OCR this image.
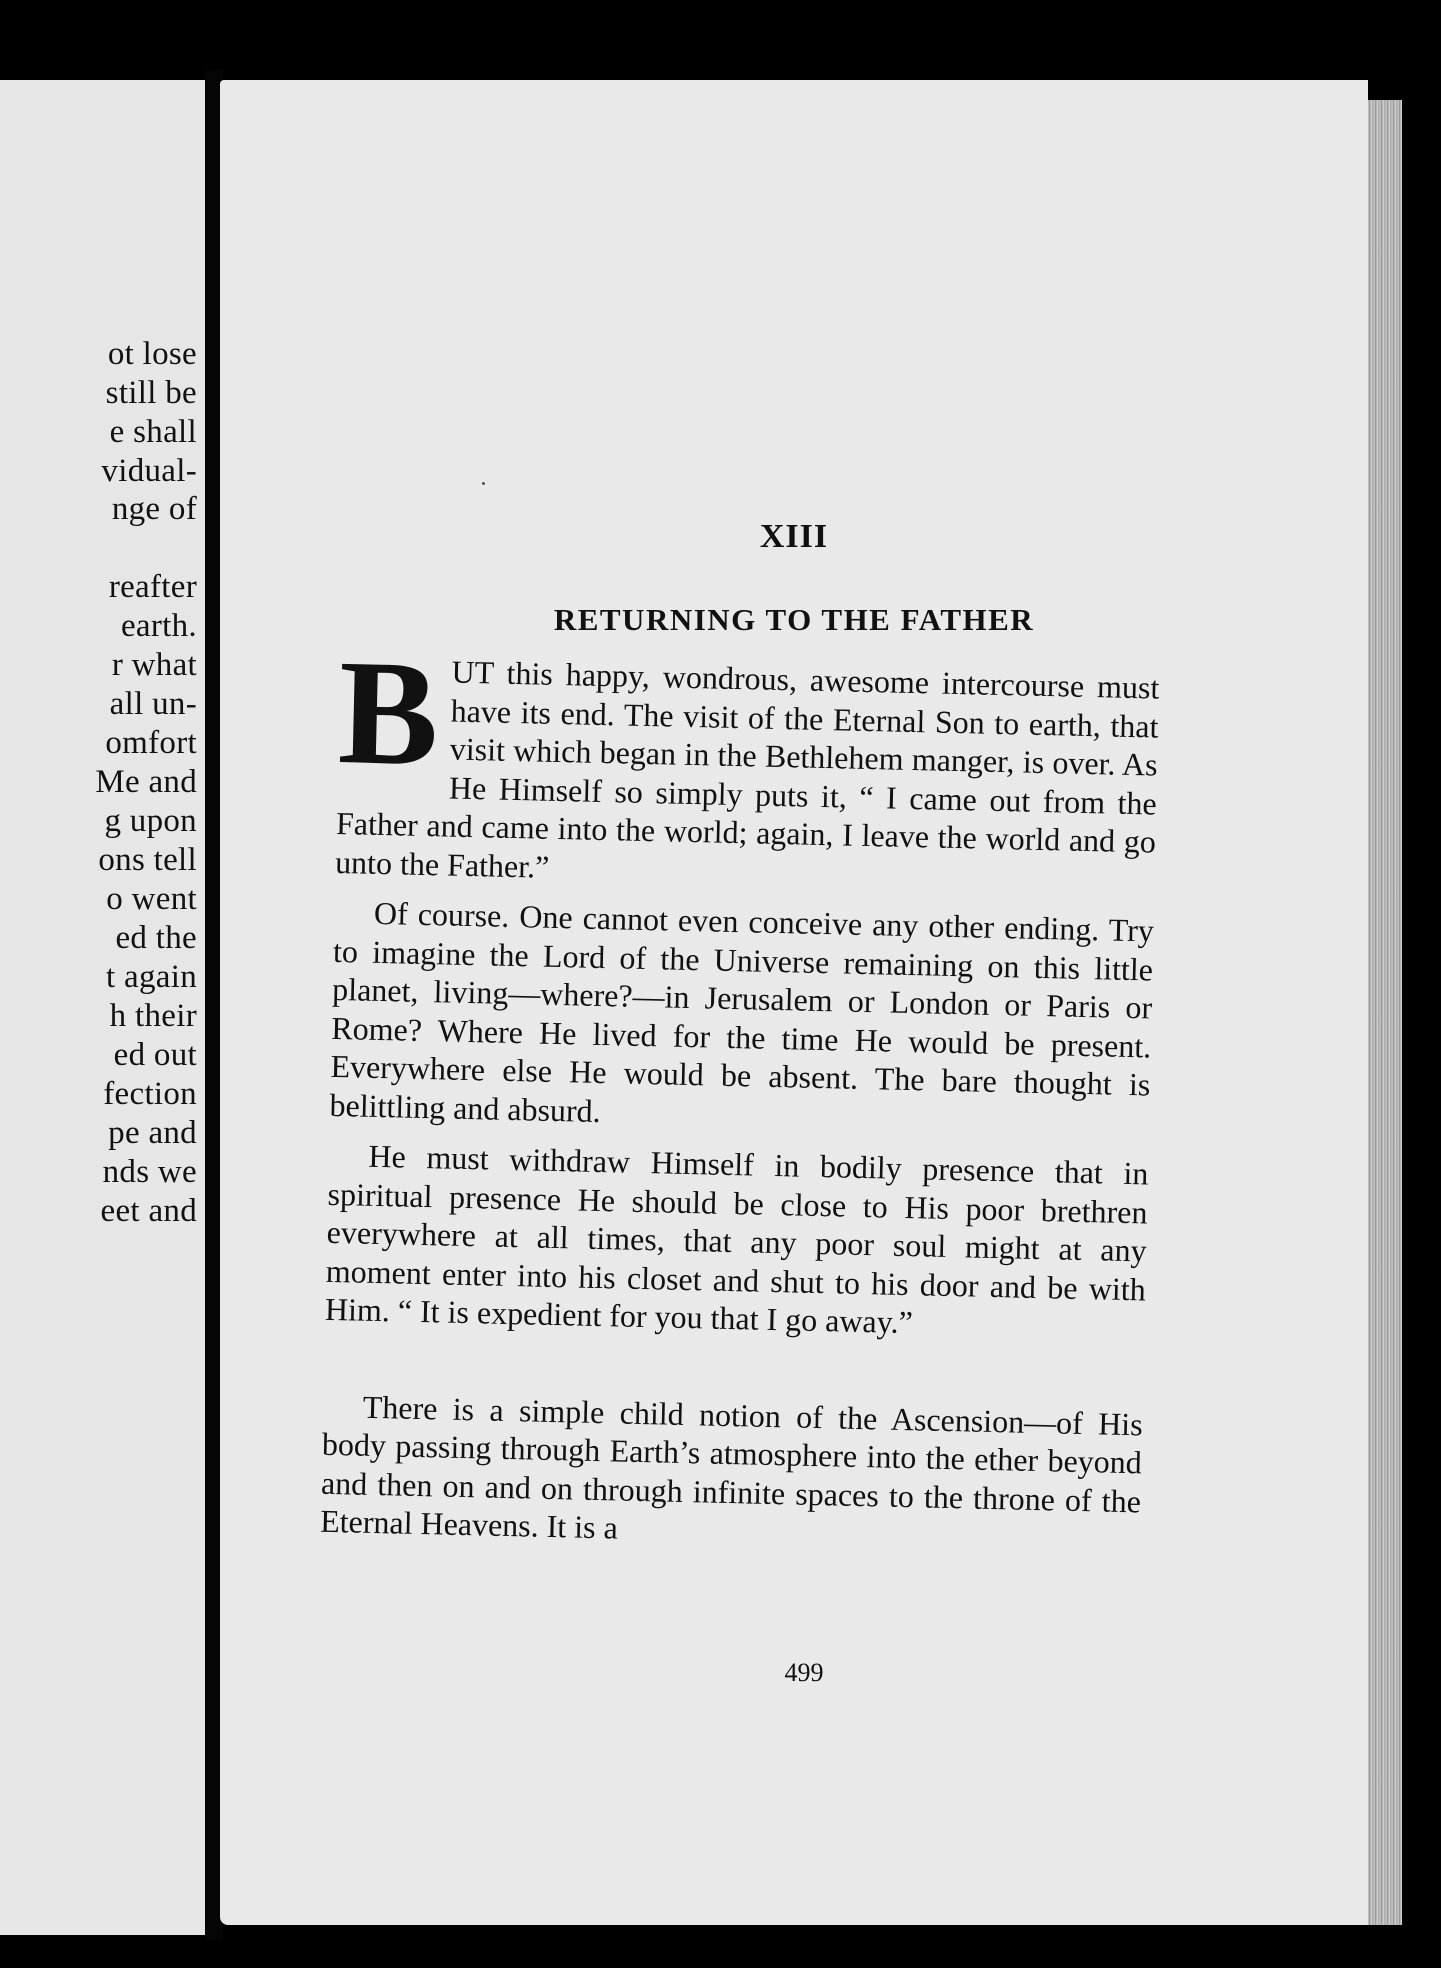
ot lose
still be
e shall
vidual-
nge of
reafter
earth.
r what
all un-
omfort
Me and
g upon
ons tell
o went
ed the
t again
h their
ed out
fection
pe and
nds we
eet and
XIII
RETURNING TO THE FATHER

BUT this happy, wondrous, awesome intercourse must have its end. The visit of the Eternal Son to earth, that visit which began in the Bethlehem manger, is over. As He Himself so simply puts it, “ I came out from the Father and came into the world; again, I leave the world and go unto the Father.”

Of course. One cannot even conceive any other ending. Try to imagine the Lord of the Universe remaining on this little planet, living—where?—in Jerusalem or London or Paris or Rome? Where He lived for the time He would be present. Everywhere else He would be absent. The bare thought is belittling and absurd.

He must withdraw Himself in bodily presence that in spiritual presence He should be close to His poor brethren everywhere at all times, that any poor soul might at any moment enter into his closet and shut to his door and be with Him. “ It is expedient for you that I go away.”

There is a simple child notion of the Ascension—of His body passing through Earth’s atmosphere into the ether beyond and then on and on through infinite spaces to the throne of the Eternal Heavens. It is a

499
